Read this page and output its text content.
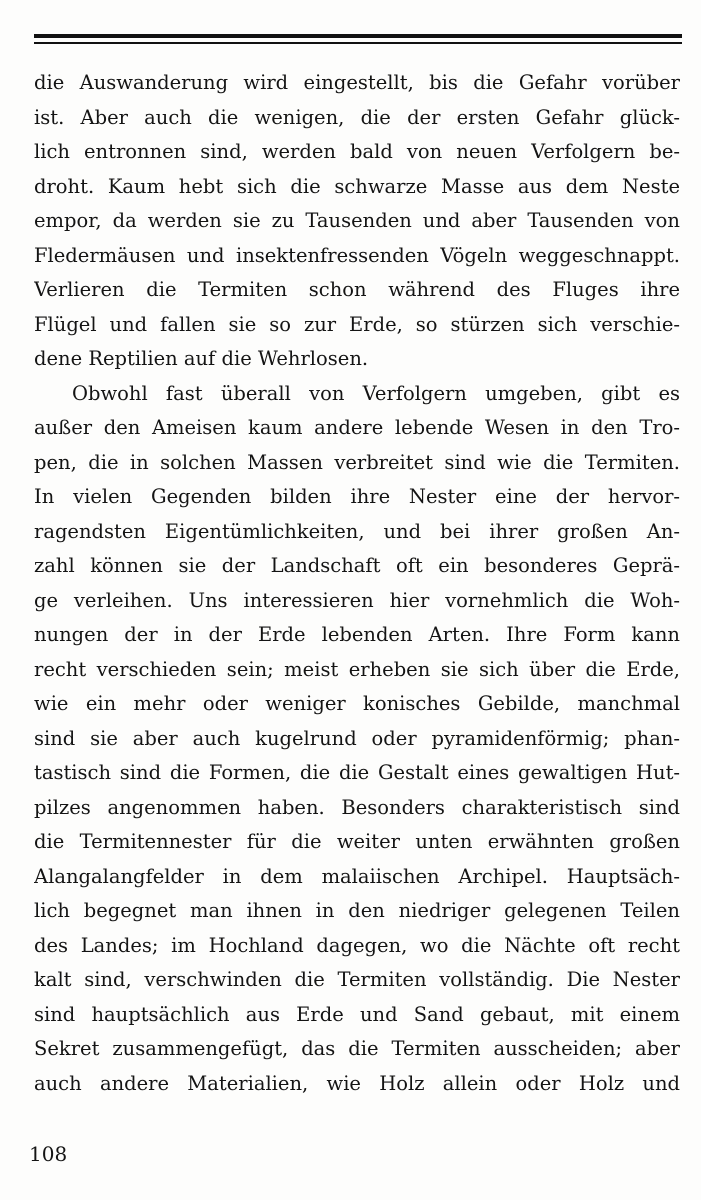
die Auswanderung wird eingestellt, bis die Gefahr vorüber
ist. Aber auch die wenigen, die der ersten Gefahr glück-
lich entronnen sind, werden bald von neuen Verfolgern be-
droht. Kaum hebt sich die schwarze Masse aus dem Neste
empor, da werden sie zu Tausenden und aber Tausenden von
Fledermäusen und insektenfressenden Vögeln weggeschnappt.
Verlieren die Termiten schon während des Fluges ihre
Flügel und fallen sie so zur Erde, so stürzen sich verschie-
dene Reptilien auf die Wehrlosen.
Obwohl fast überall von Verfolgern umgeben, gibt es
außer den Ameisen kaum andere lebende Wesen in den Tro-
pen, die in solchen Massen verbreitet sind wie die Termiten.
In vielen Gegenden bilden ihre Nester eine der hervor-
ragendsten Eigentümlichkeiten, und bei ihrer großen An-
zahl können sie der Landschaft oft ein besonderes Geprä-
ge verleihen. Uns interessieren hier vornehmlich die Woh-
nungen der in der Erde lebenden Arten. Ihre Form kann
recht verschieden sein; meist erheben sie sich über die Erde,
wie ein mehr oder weniger konisches Gebilde, manchmal
sind sie aber auch kugelrund oder pyramidenförmig; phan-
tastisch sind die Formen, die die Gestalt eines gewaltigen Hut-
pilzes angenommen haben. Besonders charakteristisch sind
die Termitennester für die weiter unten erwähnten großen
Alangalangfelder in dem malaiischen Archipel. Hauptsäch-
lich begegnet man ihnen in den niedriger gelegenen Teilen
des Landes; im Hochland dagegen, wo die Nächte oft recht
kalt sind, verschwinden die Termiten vollständig. Die Nester
sind hauptsächlich aus Erde und Sand gebaut, mit einem
Sekret zusammengefügt, das die Termiten ausscheiden; aber
auch andere Materialien, wie Holz allein oder Holz und
108
